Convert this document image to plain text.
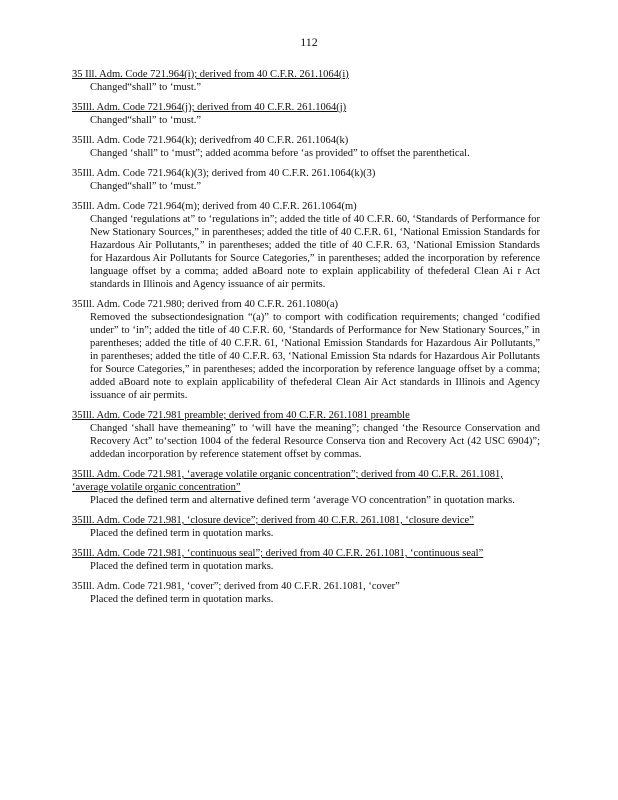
112
35 Ill. Adm. Code 721.964(i); derived from 40 C.F.R. 261.1064(i)
Changed“shall” to ‘must.”
35Ill. Adm. Code 721.964(j); derived from 40 C.F.R. 261.1064(j)
Changed“shall” to ‘must.”
35Ill. Adm. Code 721.964(k); derivedfrom 40 C.F.R. 261.1064(k)
Changed ‘shall” to ‘must”; added acomma before ‘as provided” to offset the parenthetical.
35Ill. Adm. Code 721.964(k)(3); derived from 40 C.F.R. 261.1064(k)(3)
Changed“shall” to ‘must.”
35Ill. Adm. Code 721.964(m); derived from 40 C.F.R. 261.1064(m)
Changed ‘regulations at” to ‘regulations in”; added the title of 40 C.F.R. 60, ‘Standards of Performance for New Stationary Sources,” in parentheses; added the title of 40 C.F.R. 61, ‘National Emission Standards for Hazardous Air Pollutants,” in parentheses; added the title of 40 C.F.R. 63, ‘National Emission Standards for Hazardous Air Pollutants for Source Categories,” in parentheses; added the incorporation by reference language offset by a comma; added aBoard note to explain applicability of thefederal Clean Ai r Act standards in Illinois and Agency issuance of air permits.
35Ill. Adm. Code 721.980; derived from 40 C.F.R. 261.1080(a)
Removed the subsectiondesignation “(a)” to comport with codification requirements; changed ‘codified under” to ‘in”; added the title of 40 C.F.R. 60, ‘Standards of Performance for New Stationary Sources,” in parentheses; added the title of 40 C.F.R. 61, ‘National Emission Standards for Hazardous Air Pollutants,” in parentheses; added the title of 40 C.F.R. 63, ‘National Emission Sta ndards for Hazardous Air Pollutants for Source Categories,” in parentheses; added the incorporation by reference language offset by a comma; added aBoard note to explain applicability of thefederal Clean Air Act standards in Illinois and Agency issuance of air permits.
35Ill. Adm. Code 721.981 preamble; derived from 40 C.F.R. 261.1081 preamble
Changed ‘shall have themeaning” to ‘will have the meaning”; changed ‘the Resource Conservation and Recovery Act” to‘section 1004 of the federal Resource Conserva tion and Recovery Act (42 USC 6904)”; addedan incorporation by reference statement offset by commas.
35Ill. Adm. Code 721.981, ‘average volatile organic concentration”; derived from 40 C.F.R. 261.1081, ‘average volatile organic concentration”
Placed the defined term and alternative defined term ‘average VO concentration” in quotation marks.
35Ill. Adm. Code 721.981, ‘closure device”; derived from 40 C.F.R. 261.1081, ‘closure device”
Placed the defined term in quotation marks.
35Ill. Adm. Code 721.981, ‘continuous seal”; derived from 40 C.F.R. 261.1081, ‘continuous seal”
Placed the defined term in quotation marks.
35Ill. Adm. Code 721.981, ‘cover”; derived from 40 C.F.R. 261.1081, ‘cover”
Placed the defined term in quotation marks.
